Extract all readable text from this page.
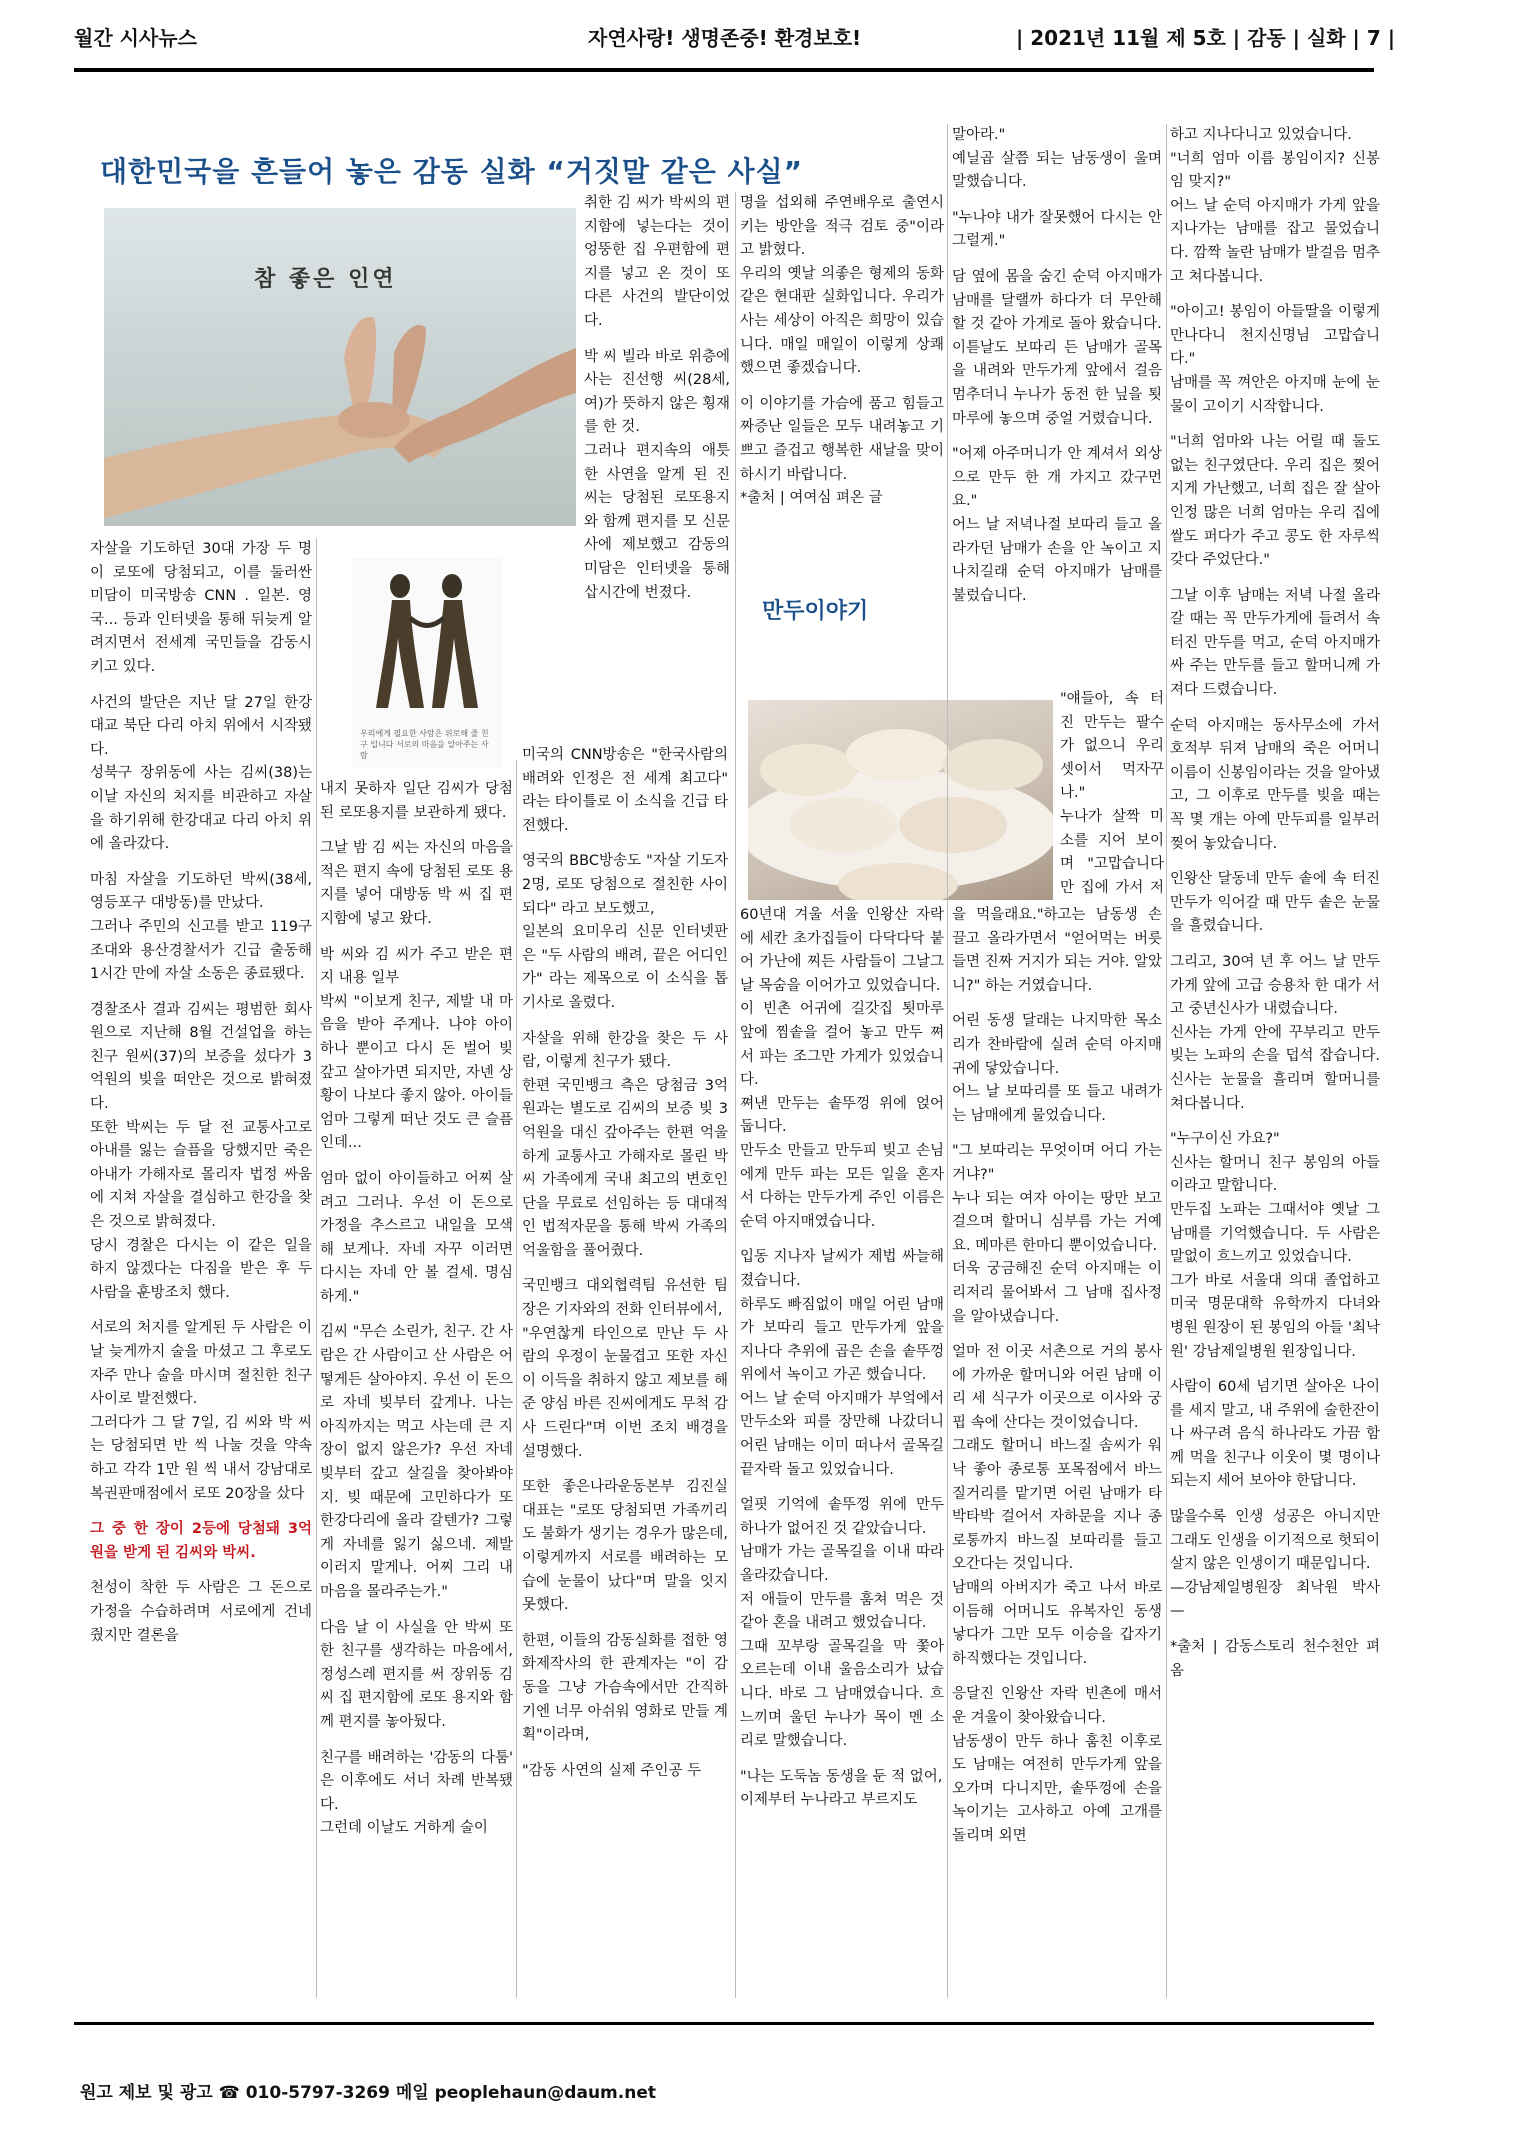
월간 시사뉴스	자연사랑! 생명존중! 환경보호!	| 2021년 11월 제 5호 | 감동 | 실화 | 7 |
대한민국을 흔들어 놓은 감동 실화 “거짓말 같은 사실”
참 좋은 인연
우리에게 필요한 사람은 위로해 줄 친구 입니다 서로의 마음을 알아주는 사람

자살을 기도하던 30대 가장 두 명이 로또에 당첨되고, 이를 둘러싼 미담이 미국방송 CNN . 일본. 영국... 등과 인터넷을 통해 뒤늦게 알려지면서 전세계 국민들을 감동시키고 있다.

사건의 발단은 지난 달 27일 한강대교 북단 다리 아치 위에서 시작됐다.

성북구 장위동에 사는 김씨(38)는 이날 자신의 처지를 비관하고 자살을 하기위해 한강대교 다리 아치 위에 올라갔다.

마침 자살을 기도하던 박씨(38세, 영등포구 대방동)를 만났다.

그러나 주민의 신고를 받고 119구조대와 용산경찰서가 긴급 출동해 1시간 만에 자살 소동은 종료됐다.

경찰조사 결과 김씨는 평범한 회사원으로 지난해 8월 건설업을 하는 친구 원씨(37)의 보증을 섰다가 3억원의 빚을 떠안은 것으로 밝혀졌다.

또한 박씨는 두 달 전 교통사고로 아내를 잃는 슬픔을 당했지만 죽은 아내가 가해자로 몰리자 법정 싸움에 지쳐 자살을 결심하고 한강을 찾은 것으로 밝혀졌다.

당시 경찰은 다시는 이 같은 일을 하지 않겠다는 다짐을 받은 후 두 사람을 훈방조치 했다.

서로의 처지를 알게된 두 사람은 이날 늦게까지 술을 마셨고 그 후로도 자주 만나 술을 마시며 절친한 친구 사이로 발전했다.

그러다가 그 달 7일, 김 씨와 박 씨는 당첨되면 반 씩 나눌 것을 약속하고 각각 1만 원 씩 내서 강남대로 복권판매점에서 로또 20장을 샀다

그 중 한 장이 2등에 당첨돼 3억 원을 받게 된 김씨와 박씨.

천성이 착한 두 사람은 그 돈으로 가정을 수습하려며 서로에게 건네 줬지만 결론을

내지 못하자 일단 김씨가 당첨된 로또용지를 보관하게 됐다.

그날 밤 김 씨는 자신의 마음을 적은 편지 속에 당첨된 로또 용지를 넣어 대방동 박 씨 집 편지함에 넣고 왔다.

박 씨와 김 씨가 주고 받은 편지 내용 일부

박씨 "이보게 친구, 제발 내 마음을 받아 주게나. 나야 아이 하나 뿐이고 다시 돈 벌어 빚 갚고 살아가면 되지만, 자넨 상황이 나보다 좋지 않아. 아이들 엄마 그렇게 떠난 것도 큰 슬픔인데...

엄마 없이 아이들하고 어찌 살려고 그러나. 우선 이 돈으로 가정을 추스르고 내일을 모색해 보게나. 자네 자꾸 이러면 다시는 자네 안 볼 걸세. 명심하게."

김씨 "무슨 소린가, 친구. 간 사람은 간 사람이고 산 사람은 어떻게든 살아야지. 우선 이 돈으로 자네 빚부터 갚게나. 나는 아직까지는 먹고 사는데 큰 지장이 없지 않은가? 우선 자네 빚부터 갚고 살길을 찾아봐야지. 빚 때문에 고민하다가 또 한강다리에 올라 갈텐가? 그렇게 자네를 잃기 싫으네. 제발 이러지 말게나. 어찌 그리 내 마음을 몰라주는가."

다음 날 이 사실을 안 박씨 또한 친구를 생각하는 마음에서, 정성스레 편지를 써 장위동 김씨 집 편지함에 로또 용지와 함께 편지를 놓아뒀다.

친구를 배려하는 '감동의 다툼' 은 이후에도 서너 차례 반복됐다.

그런데 이날도 거하게 술이

취한 김 씨가 박씨의 편지함에 넣는다는 것이 엉뚱한 집 우편함에 편지를 넣고 온 것이 또 다른 사건의 발단이었다.

박 씨 빌라 바로 위층에 사는 진선행 씨(28세, 여)가 뜻하지 않은 횡재를 한 것.

그러나 편지속의 애틋한 사연을 알게 된 진 씨는 당첨된 로또용지와 함께 편지를 모 신문사에 제보했고 감동의 미담은 인터넷을 통해 삽시간에 번졌다.

미국의 CNN방송은 "한국사람의 배려와 인정은 전 세계 최고다" 라는 타이틀로 이 소식을 긴급 타전했다.

영국의 BBC방송도 "자살 기도자 2명, 로또 당첨으로 절친한 사이 되다" 라고 보도했고,

일본의 요미우리 신문 인터넷판은 "두 사람의 배려, 끝은 어디인가" 라는 제목으로 이 소식을 톱기사로 올렸다.

자살을 위해 한강을 찾은 두 사람, 이렇게 친구가 됐다.

한편 국민뱅크 측은 당첨금 3억원과는 별도로 김씨의 보증 빚 3억원을 대신 갚아주는 한편 억울하게 교통사고 가해자로 몰린 박씨 가족에게 국내 최고의 변호인단을 무료로 선임하는 등 대대적인 법적자문을 통해 박씨 가족의 억울함을 풀어줬다.

국민뱅크 대외협력팀 유선한 팀장은 기자와의 전화 인터뷰에서,

"우연찮게 타인으로 만난 두 사람의 우정이 눈물겹고 또한 자신이 이득을 취하지 않고 제보를 해 준 양심 바른 진씨에게도 무척 감사 드린다"며 이번 조치 배경을 설명했다.

또한 좋은나라운동본부 김진실 대표는 "로또 당첨되면 가족끼리도 불화가 생기는 경우가 많은데, 이렇게까지 서로를 배려하는 모습에 눈물이 났다"며 말을 잇지 못했다.

한편, 이들의 감동실화를 접한 영화제작사의 한 관계자는 "이 감동을 그냥 가슴속에서만 간직하기엔 너무 아쉬워 영화로 만들 계획"이라며,

"감동 사연의 실제 주인공 두

명을 섭외해 주연배우로 출연시키는 방안을 적극 검토 중"이라고 밝혔다.

우리의 옛날 의좋은 형제의 동화 같은 현대판 실화입니다. 우리가 사는 세상이 아직은 희망이 있습니다. 매일 매일이 이렇게 상쾌했으면 좋겠습니다.

이 이야기를 가슴에 품고 힘들고 짜증난 일들은 모두 내려놓고 기쁘고 즐겁고 행복한 새날을 맞이 하시기 바랍니다.

*출처 | 여여심 펴온 글

만두이야기

60년대 겨울 서울 인왕산 자락에 세칸 초가집들이 다닥다닥 붙어 가난에 찌든 사람들이 그날그날 목숨을 이어가고 있었습니다.

이 빈촌 어귀에 길갓집 툇마루 앞에 찜솥을 걸어 놓고 만두 쪄서 파는 조그만 가게가 있었습니다.

쪄낸 만두는 솥뚜껑 위에 얹어 둡니다.

만두소 만들고 만두피 빚고 손님에게 만두 파는 모든 일을 혼자서 다하는 만두가게 주인 이름은 순덕 아지매였습니다.

입동 지나자 날씨가 제법 싸늘해졌습니다.

하루도 빠짐없이 매일 어린 남매가 보따리 들고 만두가게 앞을 지나다 추위에 곱은 손을 솥뚜껑 위에서 녹이고 가곤 했습니다.

어느 날 순덕 아지매가 부엌에서 만두소와 피를 장만해 나갔더니 어린 남매는 이미 떠나서 골목길 끝자락 돌고 있었습니다.

얼핏 기억에 솥뚜껑 위에 만두 하나가 없어진 것 같았습니다.

남매가 가는 골목길을 이내 따라 올라갔습니다.

저 애들이 만두를 훔쳐 먹은 것 같아 혼을 내려고 했었습니다.

그때 꼬부랑 골목길을 막 쫓아 오르는데 이내 울음소리가 났습니다. 바로 그 남매였습니다. 흐느끼며 울던 누나가 목이 멘 소리로 말했습니다.

"나는 도둑놈 동생을 둔 적 없어,

이제부터 누나라고 부르지도

말아라."

예닐곱 살쯤 되는 남동생이 울며 말했습니다.

"누나야 내가 잘못했어 다시는 안 그럴게."

담 옆에 몸을 숨긴 순덕 아지매가 남매를 달랠까 하다가 더 무안해할 것 같아 가게로 돌아 왔습니다.

이튿날도 보따리 든 남매가 골목을 내려와 만두가게 앞에서 걸음 멈추더니 누나가 동전 한 닢을 툇마루에 놓으며 중얼 거렸습니다.

"어제 아주머니가 안 계셔서 외상으로 만두 한 개 가지고 갔구먼요."

어느 날 저녁나절 보따리 들고 올라가던 남매가 손을 안 녹이고 지나치길래 순덕 아지매가 남매를 불렀습니다.

"얘들아, 속 터진 만두는 팔수가 없으니 우리 셋이서 먹자꾸나."

누나가 살짝 미소를 지어 보이며 "고맙습니다만 집에 가서 저

을 먹을래요."하고는 남동생 손 끌고 올라가면서 "얻어먹는 버릇 들면 진짜 거지가 되는 거야. 알았니?" 하는 거였습니다.

어린 동생 달래는 나지막한 목소리가 찬바람에 실려 순덕 아지매 귀에 닿았습니다.

어느 날 보따리를 또 들고 내려가는 남매에게 물었습니다.

"그 보따리는 무엇이며 어디 가는 거냐?"

누나 되는 여자 아이는 땅만 보고 걸으며 할머니 심부름 가는 거예요. 메마른 한마디 뿐이었습니다.

더욱 궁금해진 순덕 아지매는 이리저리 물어봐서 그 남매 집사정을 알아냈습니다.

얼마 전 이곳 서촌으로 거의 봉사에 가까운 할머니와 어린 남매 이리 세 식구가 이곳으로 이사와 궁핍 속에 산다는 것이었습니다.

그래도 할머니 바느질 솜씨가 워낙 좋아 종로통 포목점에서 바느질거리를 맡기면 어린 남매가 타박타박 걸어서 자하문을 지나 종로통까지 바느질 보따리를 들고 오간다는 것입니다.

남매의 아버지가 죽고 나서 바로 이듬해 어머니도 유복자인 동생 낳다가 그만 모두 이승을 갑자기 하직했다는 것입니다.

응달진 인왕산 자락 빈촌에 매서운 겨울이 찾아왔습니다.

남동생이 만두 하나 훔친 이후로도 남매는 여전히 만두가게 앞을 오가며 다니지만, 솥뚜껑에 손을 녹이기는 고사하고 아예 고개를 돌리며 외면

하고 지나다니고 있었습니다.

"너희 엄마 이름 봉임이지? 신봉임 맞지?"

어느 날 순덕 아지매가 가게 앞을 지나가는 남매를 잡고 물었습니다. 깜짝 놀란 남매가 발걸음 멈추고 쳐다봅니다.

"아이고! 봉임이 아들딸을 이렇게 만나다니 천지신명님 고맙습니다."

남매를 꼭 껴안은 아지매 눈에 눈물이 고이기 시작합니다.

"너희 엄마와 나는 어릴 때 둘도 없는 친구였단다. 우리 집은 찢어지게 가난했고, 너희 집은 잘 살아 인정 많은 너희 엄마는 우리 집에 쌀도 퍼다가 주고 콩도 한 자루씩 갖다 주었단다."

그날 이후 남매는 저녁 나절 올라갈 때는 꼭 만두가게에 들려서 속 터진 만두를 먹고, 순덕 아지매가 싸 주는 만두를 들고 할머니께 가져다 드렸습니다.

순덕 아지매는 동사무소에 가서 호적부 뒤져 남매의 죽은 어머니 이름이 신봉임이라는 것을 알아냈고, 그 이후로 만두를 빚을 때는 꼭 몇 개는 아예 만두피를 일부러 찢어 놓았습니다.

인왕산 달동네 만두 솥에 속 터진 만두가 익어갈 때 만두 솥은 눈물을 흘렸습니다.

그리고, 30여 년 후 어느 날 만두가게 앞에 고급 승용차 한 대가 서고 중년신사가 내렸습니다.

신사는 가게 안에 꾸부리고 만두 빚는 노파의 손을 덥석 잡습니다. 신사는 눈물을 흘리며 할머니를 쳐다봅니다.

"누구이신 가요?"

신사는 할머니 친구 봉임의 아들이라고 말합니다.

만두집 노파는 그때서야 옛날 그 남매를 기억했습니다. 두 사람은 말없이 흐느끼고 있었습니다.

그가 바로 서울대 의대 졸업하고 미국 명문대학 유학까지 다녀와 병원 원장이 된 봉임의 아들 '최낙원' 강남제일병원 원장입니다.

사람이 60세 넘기면 살아온 나이를 세지 말고, 내 주위에 술한잔이나 싸구려 음식 하나라도 가끔 함께 먹을 친구나 이웃이 몇 명이나 되는지 세어 보아야 한답니다.

많을수록 인생 성공은 아니지만 그래도 인생을 이기적으로 헛되이 살지 않은 인생이기 때문입니다.

—강남제일병원장 최낙원 박사 —

*출처 | 감동스토리 천수천안 펴옴

원고 제보 및 광고 ☎ 010-5797-3269 메일 peoplehaun@daum.net
